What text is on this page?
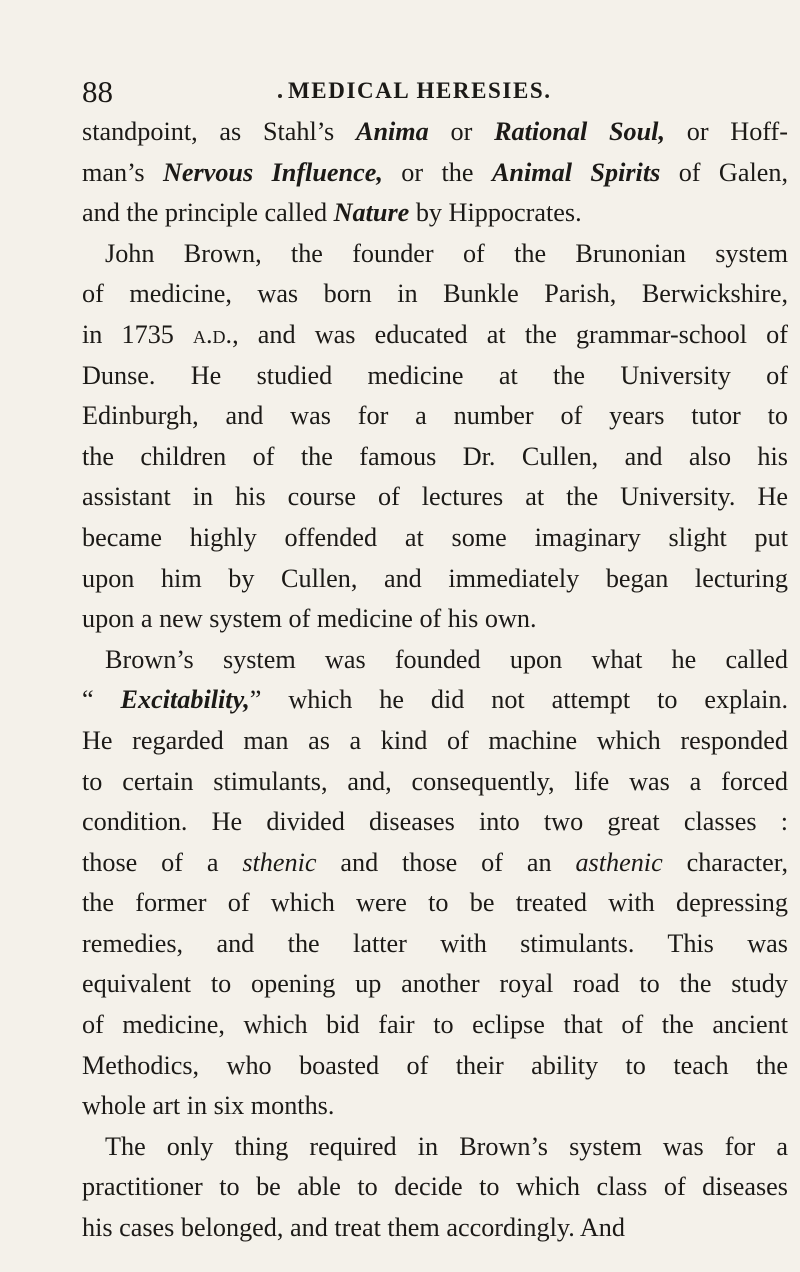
88	MEDICAL HERESIES.
standpoint, as Stahl’s Anima or Rational Soul, or Hoff-
man’s Nervous Influence, or the Animal Spirits of Galen,
and the principle called Nature by Hippocrates.
John Brown, the founder of the Brunonian system
of medicine, was born in Bunkle Parish, Berwickshire,
in 1735 a.d., and was educated at the grammar-school of
Dunse. He studied medicine at the University of
Edinburgh, and was for a number of years tutor to
the children of the famous Dr. Cullen, and also his
assistant in his course of lectures at the University. He
became highly offended at some imaginary slight put
upon him by Cullen, and immediately began lecturing
upon a new system of medicine of his own.
Brown’s system was founded upon what he called
“ Excitability,” which he did not attempt to explain.
He regarded man as a kind of machine which responded
to certain stimulants, and, consequently, life was a forced
condition. He divided diseases into two great classes :
those of a sthenic and those of an asthenic character,
the former of which were to be treated with depressing
remedies, and the latter with stimulants. This was
equivalent to opening up another royal road to the study
of medicine, which bid fair to eclipse that of the ancient
Methodics, who boasted of their ability to teach the
whole art in six months.
The only thing required in Brown’s system was for a
practitioner to be able to decide to which class of diseases
his cases belonged, and treat them accordingly. And
